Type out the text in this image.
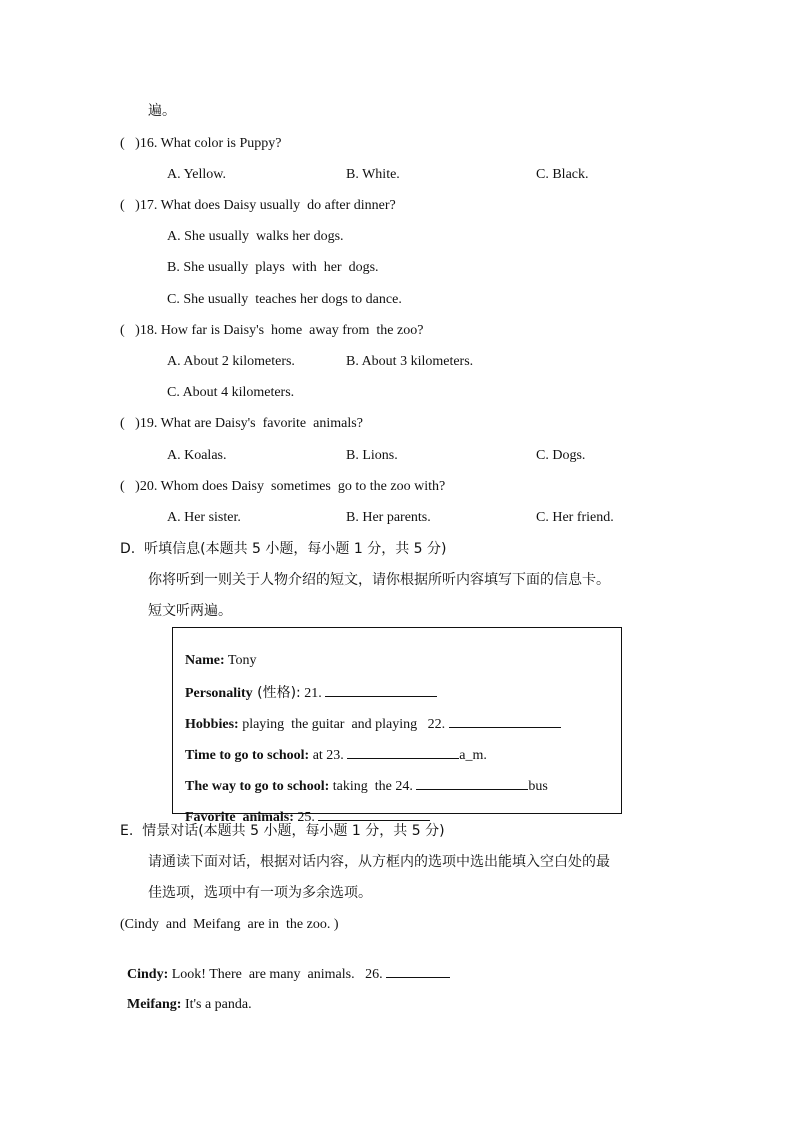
遍。
(   )16. What color is Puppy?
A. Yellow.	B. White.	C. Black.
(   )17. What does Daisy usually  do after dinner?
A. She usually  walks her dogs.
B. She usually  plays  with  her  dogs.
C. She usually  teaches her dogs to dance.
(   )18. How far is Daisy's  home  away from  the zoo?
A. About 2 kilometers.	B. About 3 kilometers.
C. About 4 kilometers.
(   )19. What are Daisy's  favorite  animals?
A. Koalas.	B. Lions.	C. Dogs.
(   )20. Whom does Daisy  sometimes  go to the zoo with?
A. Her sister.	B. Her parents.	C. Her friend.
D.  听填信息(本题共 5 小题，每小题 1 分，共 5 分)
你将听到一则关于人物介绍的短文，请你根据所听内容填写下面的信息卡。
短文听两遍。

Name: Tony

Personality (性格): 21.

Hobbies: playing  the guitar  and playing   22.

Time to go to school: at 23.	a_m.

The way to go to school: taking  the 24.	bus

Favorite  animals: 25.

E.  情景对话(本题共 5 小题，每小题 1 分，共 5 分)
请通读下面对话，根据对话内容，从方框内的选项中选出能填入空白处的最
佳选项，选项中有一项为多余选项。
(Cindy  and  Meifang  are in  the zoo. )

Cindy: Look! There  are many  animals.   26.

Meifang: It's a panda.
